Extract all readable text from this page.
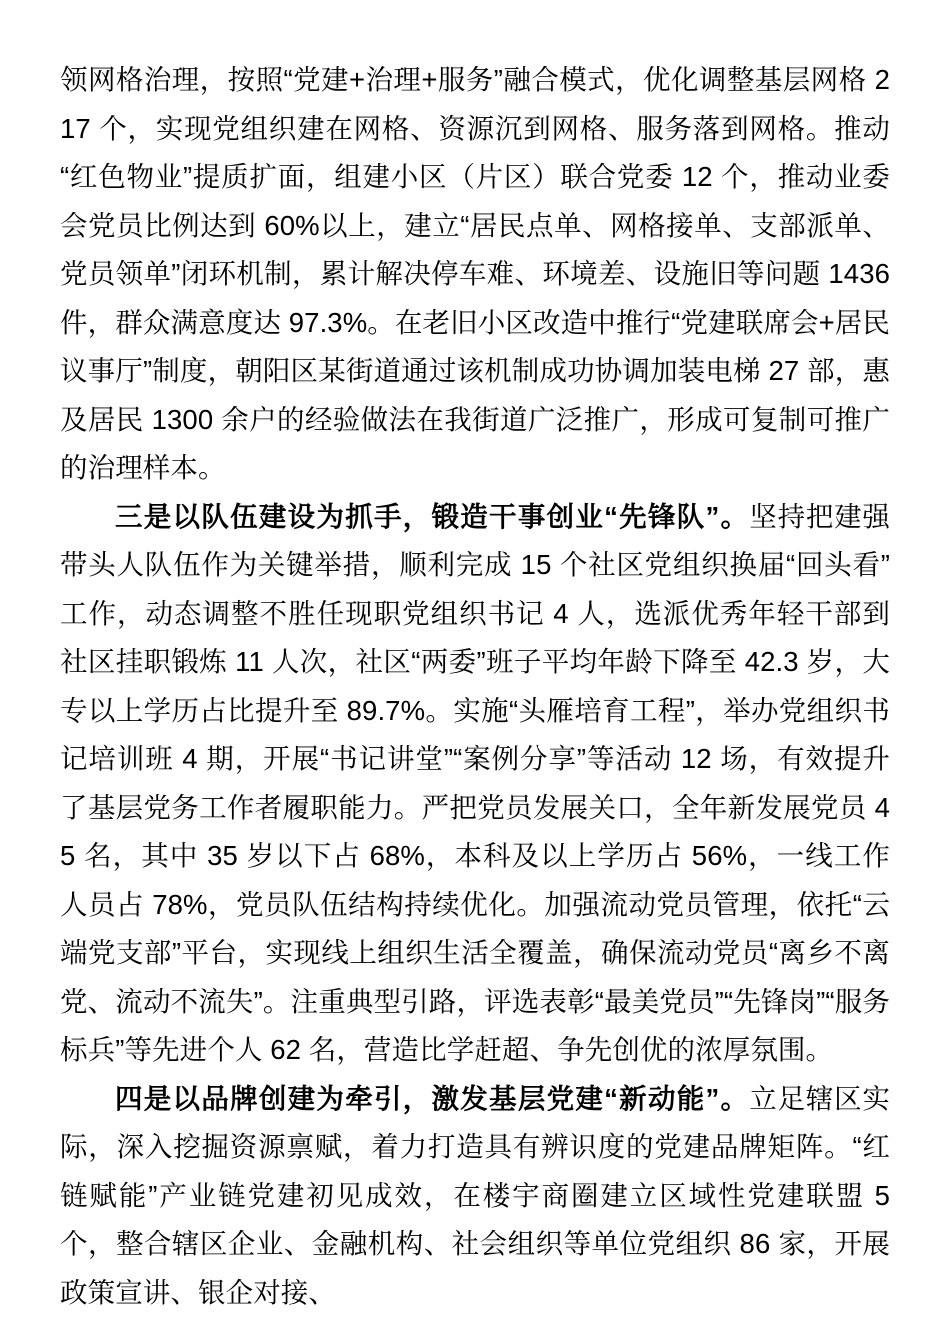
领网格治理，按照“党建+治理+服务”融合模式，优化调整基层网格 217 个，实现党组织建在网格、资源沉到网格、服务落到网格。推动“红色物业”提质扩面，组建小区（片区）联合党委 12 个，推动业委会党员比例达到 60%以上，建立“居民点单、网格接单、支部派单、党员领单”闭环机制，累计解决停车难、环境差、设施旧等问题 1436 件，群众满意度达 97.3%。在老旧小区改造中推行“党建联席会+居民议事厅”制度，朝阳区某街道通过该机制成功协调加装电梯 27 部，惠及居民 1300 余户的经验做法在我街道广泛推广，形成可复制可推广的治理样本。

三是以队伍建设为抓手，锻造干事创业“先锋队”。坚持把建强带头人队伍作为关键举措，顺利完成 15 个社区党组织换届“回头看”工作，动态调整不胜任现职党组织书记 4 人，选派优秀年轻干部到社区挂职锻炼 11 人次，社区“两委”班子平均年龄下降至 42.3 岁，大专以上学历占比提升至 89.7%。实施“头雁培育工程”，举办党组织书记培训班 4 期，开展“书记讲堂”“案例分享”等活动 12 场，有效提升了基层党务工作者履职能力。严把党员发展关口，全年新发展党员 45 名，其中 35 岁以下占 68%，本科及以上学历占 56%，一线工作人员占 78%，党员队伍结构持续优化。加强流动党员管理，依托“云端党支部”平台，实现线上组织生活全覆盖，确保流动党员“离乡不离党、流动不流失”。注重典型引路，评选表彰“最美党员”“先锋岗”“服务标兵”等先进个人 62 名，营造比学赶超、争先创优的浓厚氛围。

四是以品牌创建为牵引，激发基层党建“新动能”。立足辖区实际，深入挖掘资源禀赋，着力打造具有辨识度的党建品牌矩阵。“红链赋能”产业链党建初见成效，在楼宇商圈建立区域性党建联盟 5 个，整合辖区企业、金融机构、社会组织等单位党组织 86 家，开展政策宣讲、银企对接、
